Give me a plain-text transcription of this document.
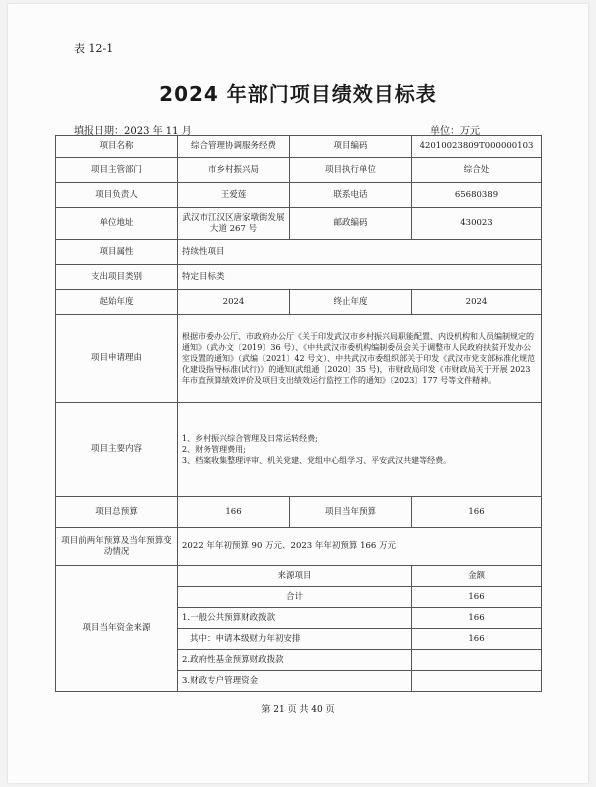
表 12-1
2024 年部门项目绩效目标表
填报日期：2023 年 11 月	单位：万元
项目名称	综合管理协调服务经费	项目编码	42010023809T000000103
项目主管部门	市乡村振兴局	项目执行单位	综合处
项目负责人	王爱莲	联系电话	65680389
单位地址	武汉市江汉区唐家墩街发展大道 267 号	邮政编码	430023
项目属性	持续性项目		
支出项目类别	特定目标类		
起始年度	2024	终止年度	2024
项目申请理由	根据市委办公厅、市政府办公厅《关于印发武汉市乡村振兴局职能配置、内设机构和人员编制规定的通知》（武办文〔2019〕36 号）、《中共武汉市委机构编制委员会关于调整市人民政府扶贫开发办公室设置的通知》（武编〔2021〕42 号文）、中共武汉市委组织部关于印发《武汉市党支部标准化规范化建设指导标准(试行)》的通知(武组通〔2020〕35 号)，市财政局印发《市财政局关于开展 2023 年市直预算绩效评价及项目支出绩效运行监控工作的通知》〔2023〕177 号等文件精神。		
项目主要内容	1、乡村振兴综合管理及日常运转经费;
2、财务管理费用;
3、档案收集整理评审、机关党建、党组中心组学习、平安武汉共建等经费。		

项目总预算	166	项目当年预算	166
项目前两年预算及当年预算变动情况	2022 年年初预算 90 万元、2023 年年初预算 166 万元		
项目当年资金来源	来源项目		金额
	合计		166
	1.一般公共预算财政拨款		166
	其中：申请本级财力年初安排		166
	2.政府性基金预算财政拨款		
	3.财政专户管理资金		
第 21 页 共 40 页
